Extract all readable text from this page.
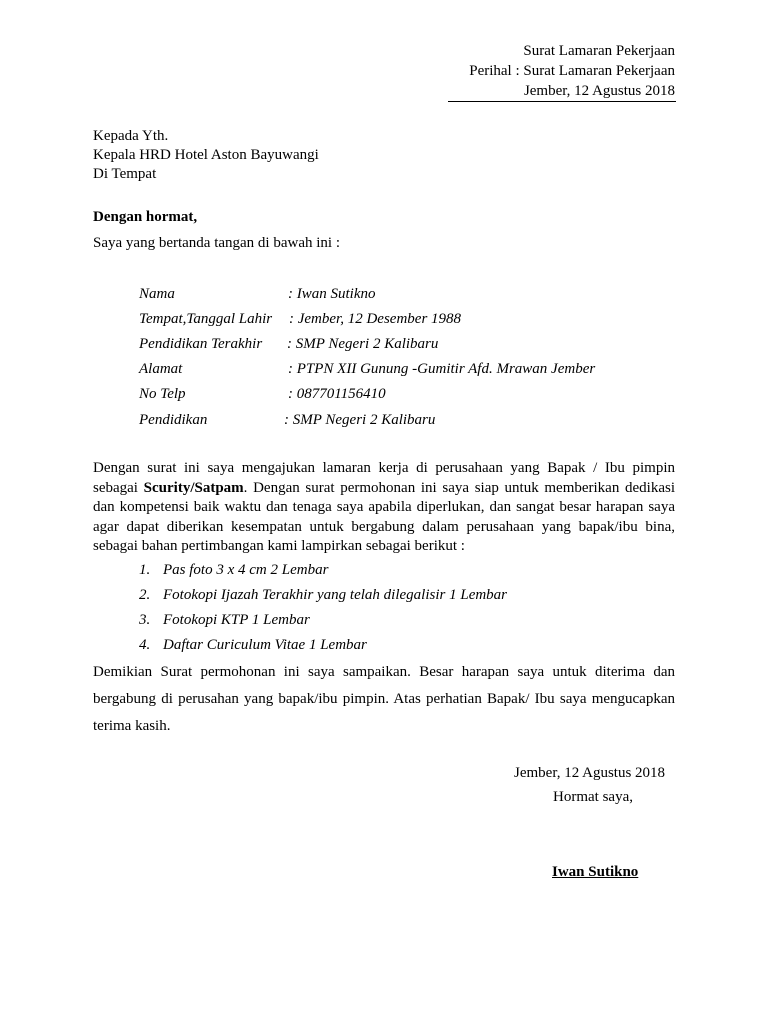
Surat Lamaran Pekerjaan
Perihal : Surat Lamaran Pekerjaan
Jember, 12 Agustus 2018
Kepada Yth.
Kepala HRD Hotel Aston Bayuwangi
Di Tempat
Dengan hormat,
Saya yang bertanda tangan di bawah ini :
Nama	: Iwan Sutikno
Tempat,Tanggal Lahir : Jember, 12 Desember 1988
Pendidikan Terakhir : SMP Negeri 2 Kalibaru
Alamat	: PTPN XII Gunung -Gumitir Afd. Mrawan Jember
No Telp	: 087701156410
Pendidikan	: SMP Negeri 2 Kalibaru
Dengan surat ini saya mengajukan lamaran kerja di perusahaan yang Bapak / Ibu pimpin
sebagai Scurity/Satpam. Dengan surat permohonan ini saya siap untuk memberikan dedikasi
dan kompetensi baik waktu dan tenaga saya apabila diperlukan, dan sangat besar harapan saya
agar dapat diberikan kesempatan untuk bergabung dalam perusahaan yang bapak/ibu bina,
sebagai bahan pertimbangan kami lampirkan sebagai berikut :
1. Pas foto 3 x 4 cm 2 Lembar
2. Fotokopi Ijazah Terakhir yang telah dilegalisir 1 Lembar
3. Fotokopi KTP 1 Lembar
4. Daftar Curiculum Vitae 1 Lembar
Demikian Surat permohonan ini saya sampaikan. Besar harapan saya untuk diterima dan
bergabung di perusahan yang bapak/ibu pimpin. Atas perhatian Bapak/ Ibu saya mengucapkan
terima kasih.
Jember, 12 Agustus 2018
Hormat saya,
Iwan Sutikno
